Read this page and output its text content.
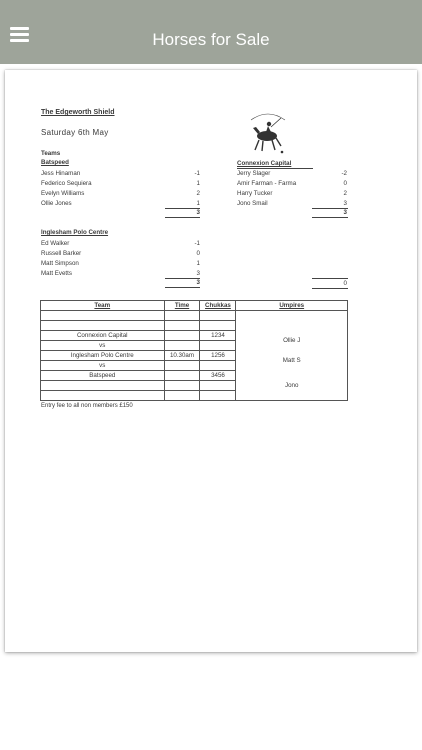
Horses for Sale
The Edgeworth Shield
Saturday 6th May
Teams
Batspeed
Jess Hinaman	-1
Federico Sequiera	1
Evelyn Williams	2
Ollie Jones	1
3
Connexion Capital
Jerry Slager	-2
Amir Farman - Farma	0
Harry Tucker	2
Jono Smail	3
3
Inglesham Polo Centre
Ed Walker	-1
Russell Barker	0
Matt Simpson	1
Matt Evetts	3
3	0
Team	Time	Chukkas	Umpires

Connexion Capital		1234	Ollie J
vs			
Inglesham Polo Centre	10.30am	1256	Matt S
vs			
Batspeed		3456	Jono

Entry fee to all non members £150
